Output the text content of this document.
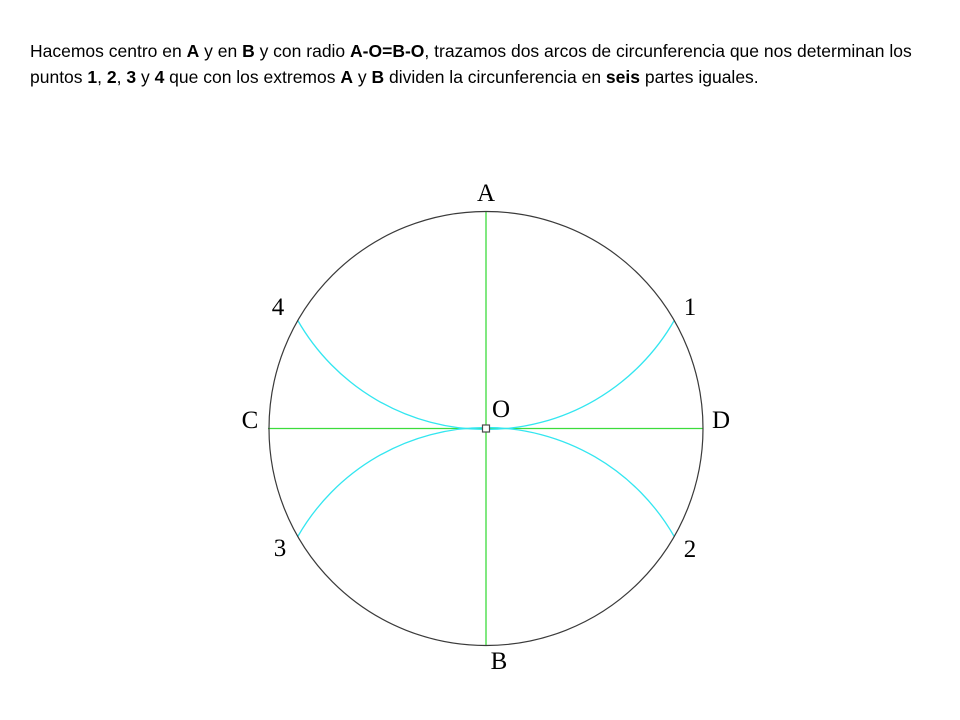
Hacemos centro en A y en B y con radio A-O=B-O, trazamos dos arcos de circunferencia que nos determinan los puntos 1, 2, 3 y 4 que con los extremos A y B dividen la circunferencia en seis partes iguales.

A
B
C	D
O
1
2
3
4
